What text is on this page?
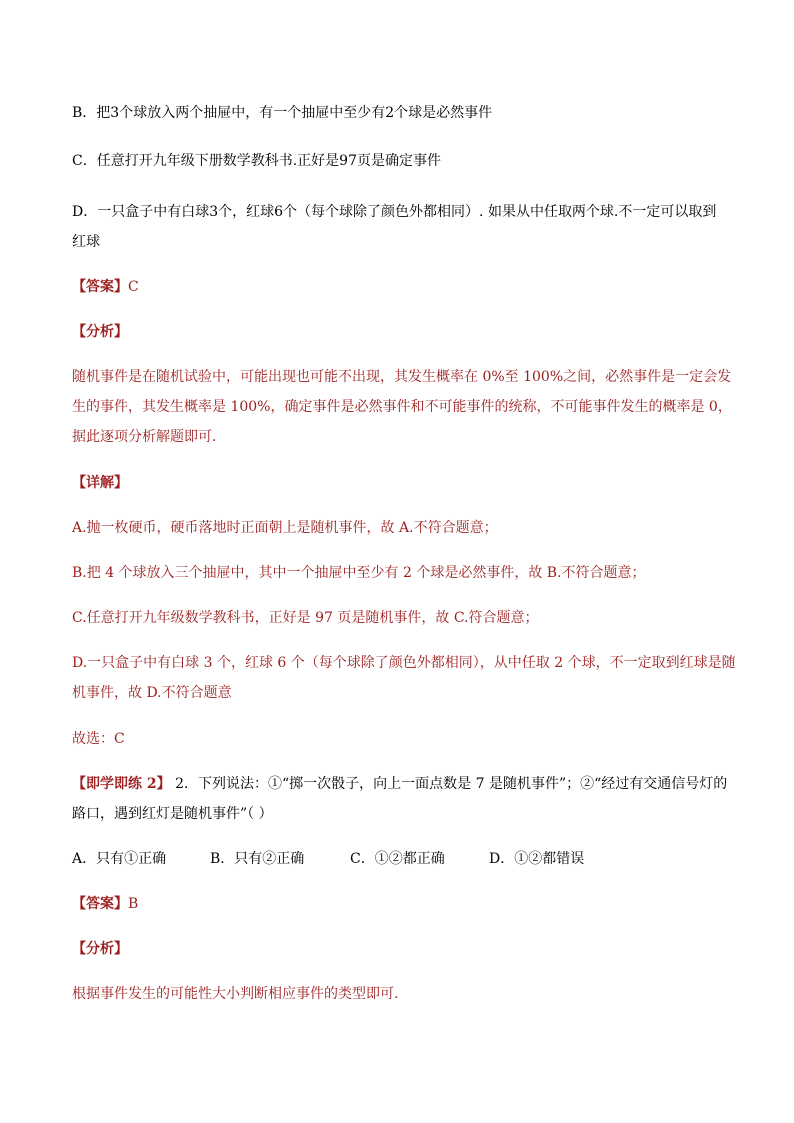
B．把3个球放入两个抽屉中，有一个抽屉中至少有2个球是必然事件
C．任意打开九年级下册数学教科书.正好是97页是确定事件
D．一只盒子中有白球3个，红球6个（每个球除了颜色外都相同）. 如果从中任取两个球.不一定可以取到
红球
【答案】C
【分析】
随机事件是在随机试验中，可能出现也可能不出现，其发生概率在 0%至 100%之间，必然事件是一定会发
生的事件，其发生概率是 100%，确定事件是必然事件和不可能事件的统称，不可能事件发生的概率是 0，
据此逐项分析解题即可．
【详解】
A.抛一枚硬币，硬币落地时正面朝上是随机事件，故 A.不符合题意；
B.把 4 个球放入三个抽屉中，其中一个抽屉中至少有 2 个球是必然事件，故 B.不符合题意；
C.任意打开九年级数学教科书，正好是 97 页是随机事件，故 C.符合题意；
D.一只盒子中有白球 3 个，红球 6 个（每个球除了颜色外都相同），从中任取 2 个球，不一定取到红球是随
机事件，故 D.不符合题意
故选：C
【即学即练 2】 2．下列说法：①“掷一次骰子，向上一面点数是 7 是随机事件”；②“经过有交通信号灯的
路口，遇到红灯是随机事件”（ ）
A．只有①正确	B．只有②正确	C．①②都正确	D．①②都错误
【答案】B
【分析】
根据事件发生的可能性大小判断相应事件的类型即可.
